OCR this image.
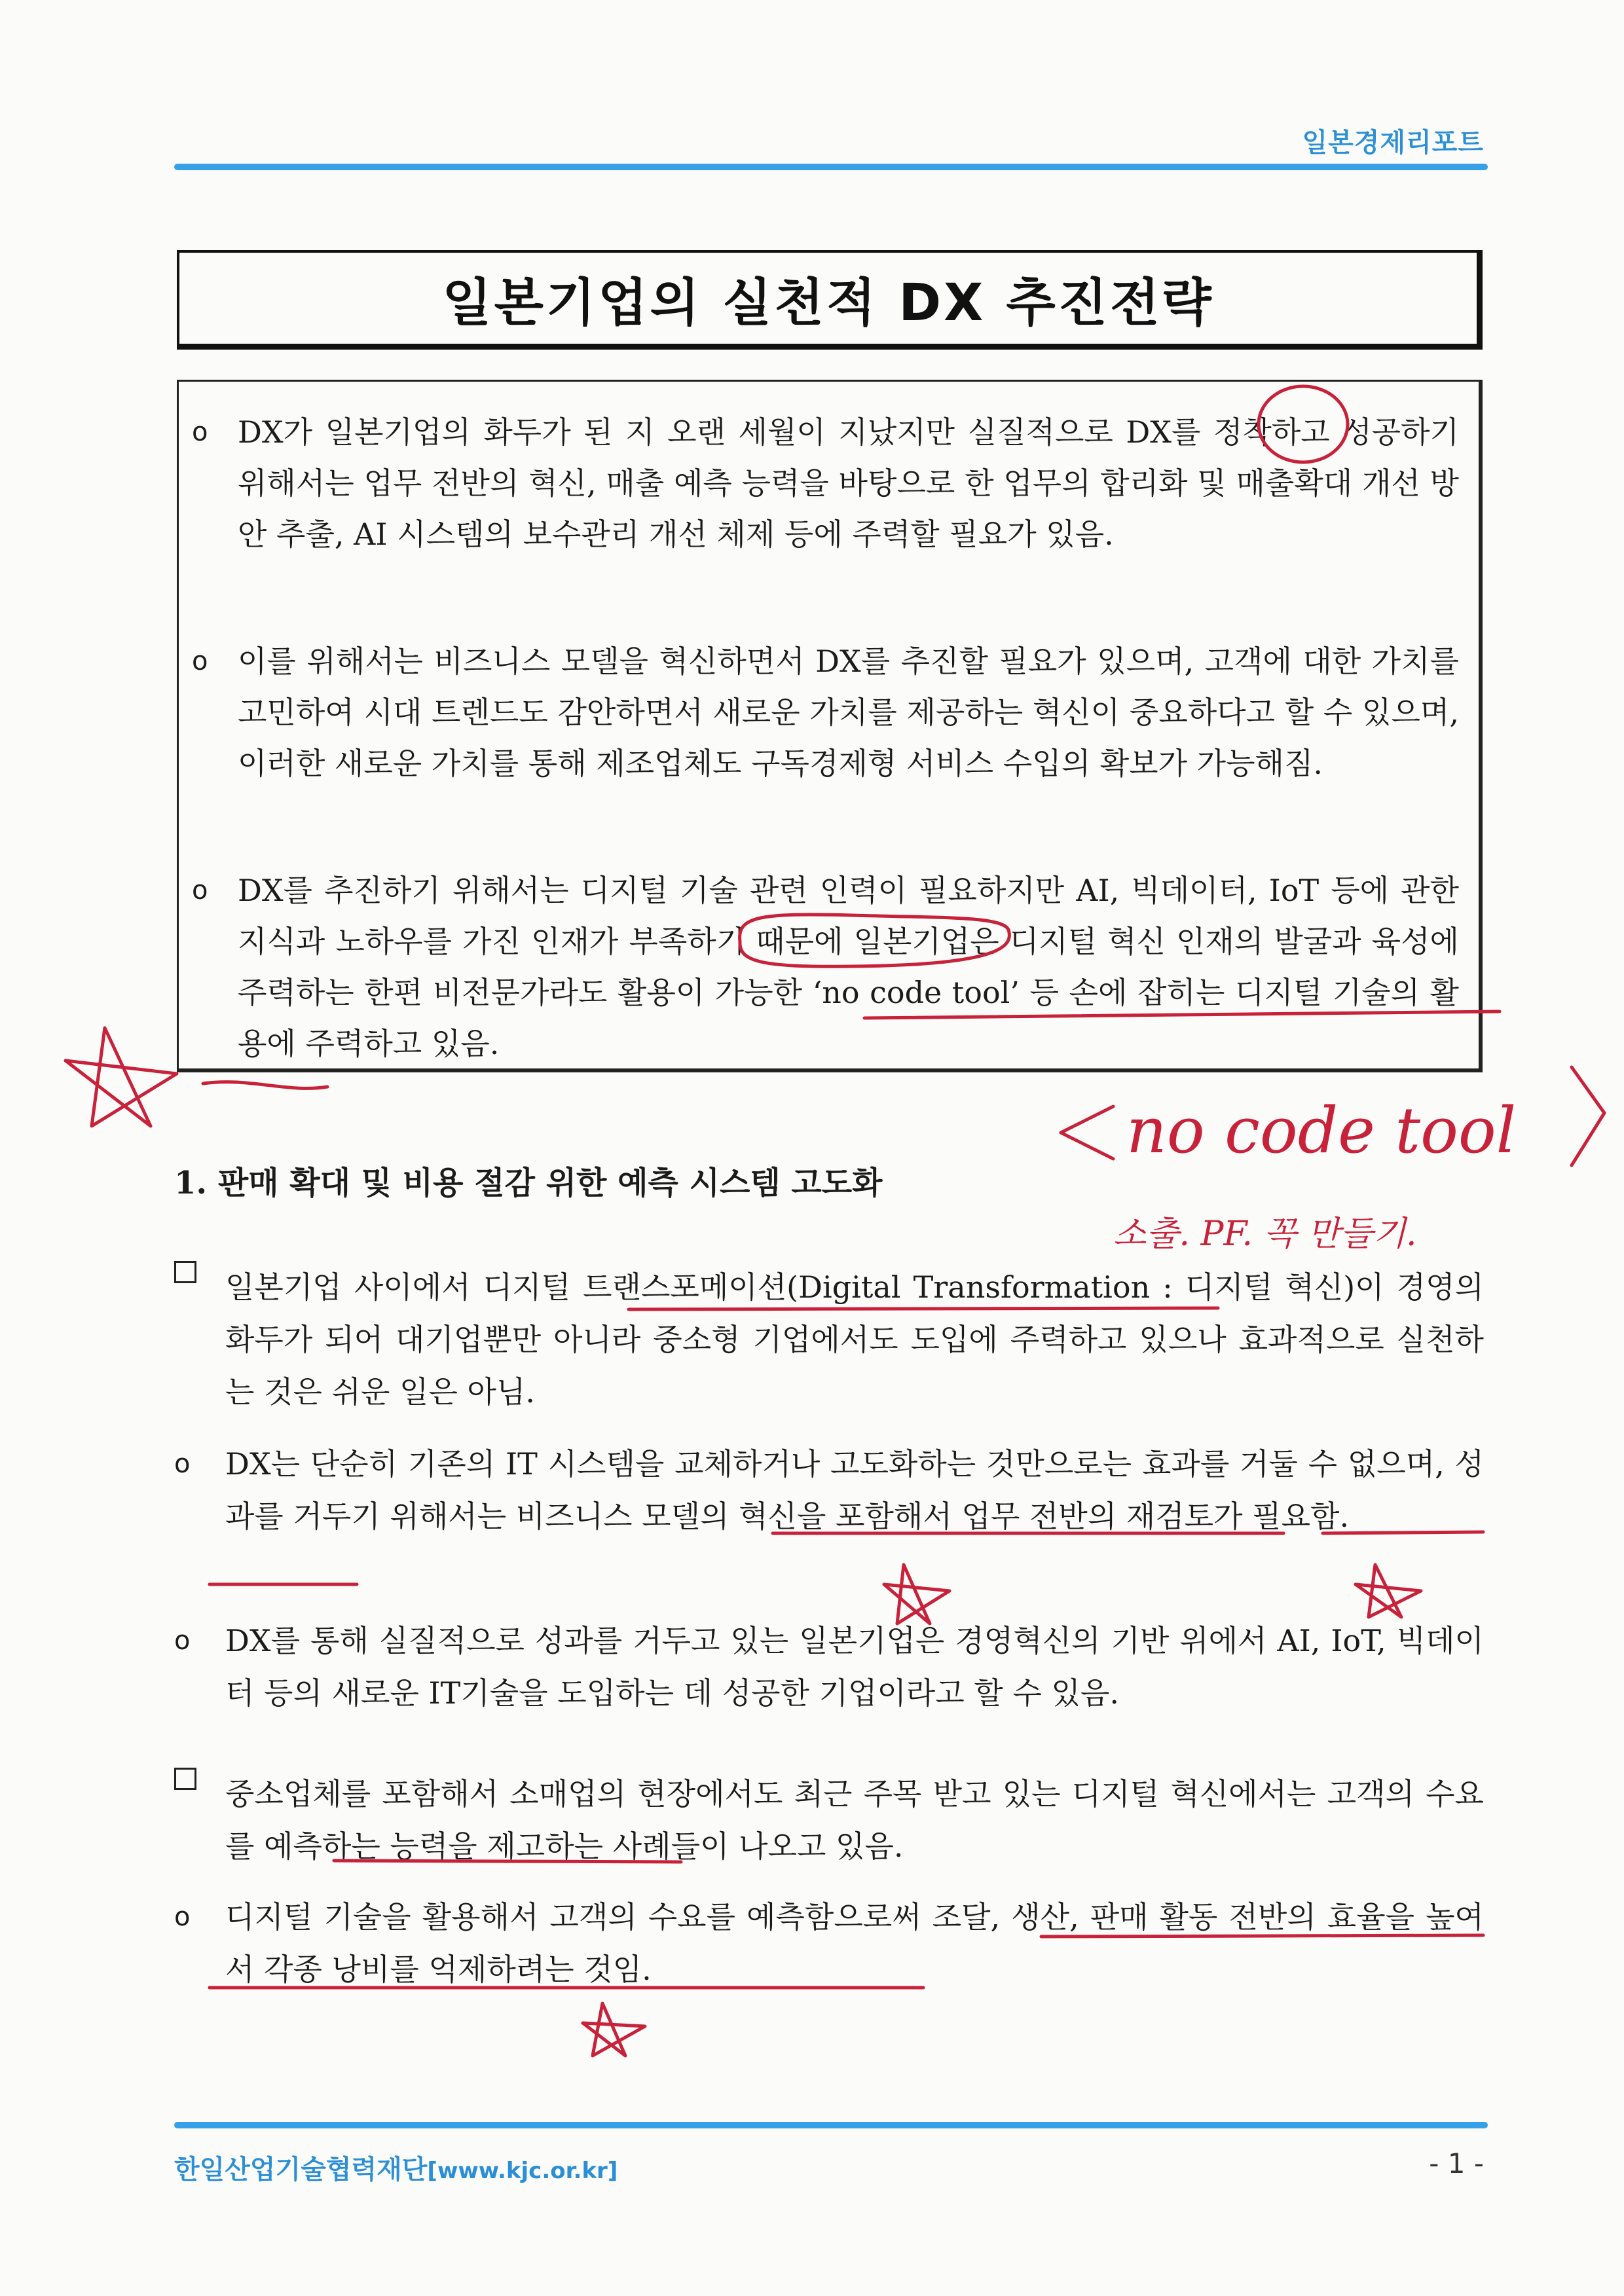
일본경제리포트
일본기업의 실천적 DX 추진전략
o DX가 일본기업의 화두가 된 지 오랜 세월이 지났지만 실질적으로 DX를 정착하고 성공하기 위해서는 업무 전반의 혁신, 매출 예측 능력을 바탕으로 한 업무의 합리화 및 매출확대 개선 방안 추출, AI 시스템의 보수관리 개선 체제 등에 주력할 필요가 있음.
o 이를 위해서는 비즈니스 모델을 혁신하면서 DX를 추진할 필요가 있으며, 고객에 대한 가치를 고민하여 시대 트렌드도 감안하면서 새로운 가치를 제공하는 혁신이 중요하다고 할 수 있으며, 이러한 새로운 가치를 통해 제조업체도 구독경제형 서비스 수입의 확보가 가능해짐.
o DX를 추진하기 위해서는 디지털 기술 관련 인력이 필요하지만 AI, 빅데이터, IoT 등에 관한 지식과 노하우를 가진 인재가 부족하기 때문에 일본기업은 디지털 혁신 인재의 발굴과 육성에 주력하는 한편 비전문가라도 활용이 가능한 ‘no code tool’ 등 손에 잡히는 디지털 기술의 활용에 주력하고 있음.
1. 판매 확대 및 비용 절감 위한 예측 시스템 고도화
일본기업 사이에서 디지털 트랜스포메이션(Digital Transformation : 디지털 혁신)이 경영의 화두가 되어 대기업뿐만 아니라 중소형 기업에서도 도입에 주력하고 있으나 효과적으로 실천하는 것은 쉬운 일은 아님.
o DX는 단순히 기존의 IT 시스템을 교체하거나 고도화하는 것만으로는 효과를 거둘 수 없으며, 성과를 거두기 위해서는 비즈니스 모델의 혁신을 포함해서 업무 전반의 재검토가 필요함.
o DX를 통해 실질적으로 성과를 거두고 있는 일본기업은 경영혁신의 기반 위에서 AI, IoT, 빅데이터 등의 새로운 IT기술을 도입하는 데 성공한 기업이라고 할 수 있음.
중소업체를 포함해서 소매업의 현장에서도 최근 주목 받고 있는 디지털 혁신에서는 고객의 수요를 예측하는 능력을 제고하는 사례들이 나오고 있음.
o 디지털 기술을 활용해서 고객의 수요를 예측함으로써 조달, 생산, 판매 활동 전반의 효율을 높여서 각종 낭비를 억제하려는 것임.
no code tool
소출. PF. 꼭 만들기.
한일산업기술협력재단[www.kjc.or.kr]	- 1 -
